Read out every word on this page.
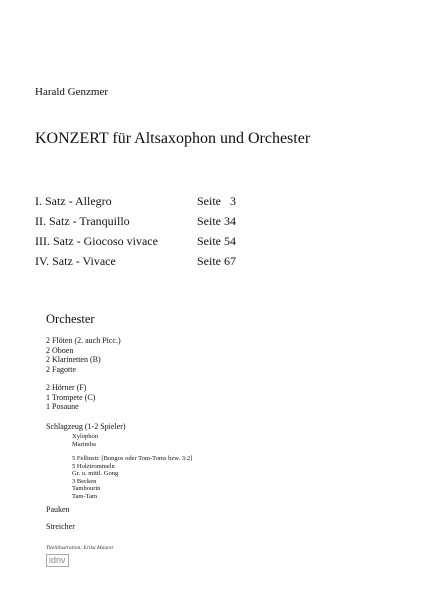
Harald Genzmer
KONZERT für Altsaxophon und Orchester
I. Satz - Allegro	Seite   3
II. Satz - Tranquillo	Seite 34
III. Satz - Giocoso vivace	Seite 54
IV. Satz - Vivace	Seite 67
Orchester
2 Flöten (2. auch Picc.)
2 Oboen
2 Klarinetten (B)
2 Fagotte
2 Hörner (F)
1 Trompete (C)
1 Posaune
Schlagzeug (1-2 Spieler)
Xylophon
Marimba
5 Fellinstr. [Bongos oder Tom-Toms bzw. 3:2]
5 Holztrommeln
Gr. u. mittl. Gong
3 Becken
Tambourin
Tam-Tam
Pauken
Streicher
Titelillustration: Erika Maurer
idnv
